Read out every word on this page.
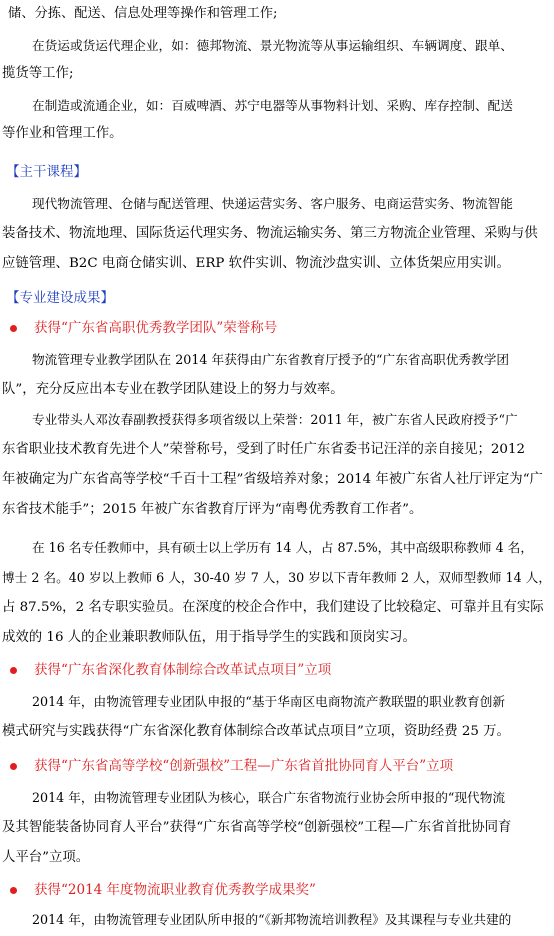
储、分拣、配送、信息处理等操作和管理工作;
在货运或货运代理企业，如：德邦物流、景光物流等从事运输组织、车辆调度、跟单、
揽货等工作;
在制造或流通企业，如：百威啤酒、苏宁电器等从事物料计划、采购、库存控制、配送
等作业和管理工作。
【主干课程】
现代物流管理、仓储与配送管理、快递运营实务、客户服务、电商运营实务、物流智能
装备技术、物流地理、国际货运代理实务、物流运输实务、第三方物流企业管理、采购与供
应链管理、B2C 电商仓储实训、ERP 软件实训、物流沙盘实训、立体货架应用实训。
【专业建设成果】
获得“广东省高职优秀教学团队”荣誉称号
物流管理专业教学团队在 2014 年获得由广东省教育厅授予的“广东省高职优秀教学团
队”，充分反应出本专业在教学团队建设上的努力与效率。
专业带头人邓汝春副教授获得多项省级以上荣誉：2011 年，被广东省人民政府授予“广
东省职业技术教育先进个人”荣誉称号，受到了时任广东省委书记汪洋的亲自接见；2012
年被确定为广东省高等学校“千百十工程”省级培养对象；2014 年被广东省人社厅评定为“广
东省技术能手”；2015 年被广东省教育厅评为“南粤优秀教育工作者”。
在 16 名专任教师中，具有硕士以上学历有 14 人，占 87.5%，其中高级职称教师 4 名，
博士 2 名。40 岁以上教师 6 人，30-40 岁 7 人，30 岁以下青年教师 2 人，双师型教师 14 人，
占 87.5%，2 名专职实验员。在深度的校企合作中，我们建设了比较稳定、可靠并且有实际
成效的 16 人的企业兼职教师队伍，用于指导学生的实践和顶岗实习。
获得“广东省深化教育体制综合改革试点项目”立项
2014 年，由物流管理专业团队申报的“基于华南区电商物流产教联盟的职业教育创新
模式研究与实践获得“广东省深化教育体制综合改革试点项目”立项，资助经费 25 万。
获得“广东省高等学校“创新强校”工程—广东省首批协同育人平台”立项
2014 年，由物流管理专业团队为核心，联合广东省物流行业协会所申报的“现代物流
及其智能装备协同育人平台”获得“广东省高等学校“创新强校”工程—广东省首批协同育
人平台”立项。
获得“2014 年度物流职业教育优秀教学成果奖”
2014 年，由物流管理专业团队所申报的“《新邦物流培训教程》及其课程与专业共建的
